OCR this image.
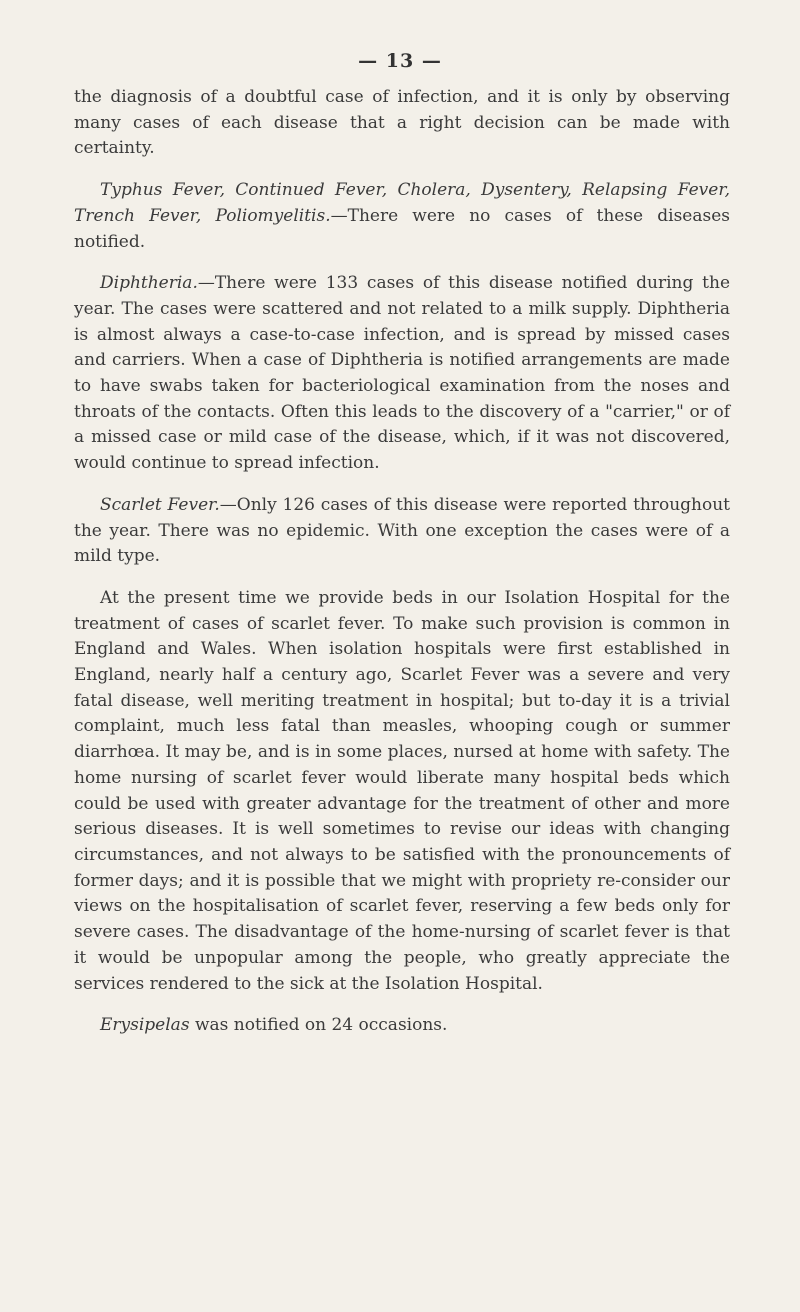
— 13 —

the diagnosis of a doubtful case of infection, and it is only by observing many cases of each disease that a right decision can be made with certainty.

Typhus Fever, Continued Fever, Cholera, Dysentery, Relapsing Fever, Trench Fever, Poliomyelitis.—There were no cases of these diseases notified.

Diphtheria.—There were 133 cases of this disease notified during the year. The cases were scattered and not related to a milk supply. Diphtheria is almost always a case-to-case infection, and is spread by missed cases and carriers. When a case of Diphtheria is notified arrangements are made to have swabs taken for bacteriological examination from the noses and throats of the contacts. Often this leads to the discovery of a "carrier," or of a missed case or mild case of the disease, which, if it was not discovered, would continue to spread infection.

Scarlet Fever.—Only 126 cases of this disease were reported throughout the year. There was no epidemic. With one exception the cases were of a mild type.

At the present time we provide beds in our Isolation Hospital for the treatment of cases of scarlet fever. To make such provision is common in England and Wales. When isolation hospitals were first established in England, nearly half a century ago, Scarlet Fever was a severe and very fatal disease, well meriting treatment in hospital; but to-day it is a trivial complaint, much less fatal than measles, whooping cough or summer diarrhœa. It may be, and is in some places, nursed at home with safety. The home nursing of scarlet fever would liberate many hospital beds which could be used with greater advantage for the treatment of other and more serious diseases. It is well sometimes to revise our ideas with changing circumstances, and not always to be satisfied with the pronouncements of former days; and it is possible that we might with propriety re-consider our views on the hospitalisation of scarlet fever, reserving a few beds only for severe cases. The disadvantage of the home-nursing of scarlet fever is that it would be unpopular among the people, who greatly appreciate the services rendered to the sick at the Isolation Hospital.

Erysipelas was notified on 24 occasions.
